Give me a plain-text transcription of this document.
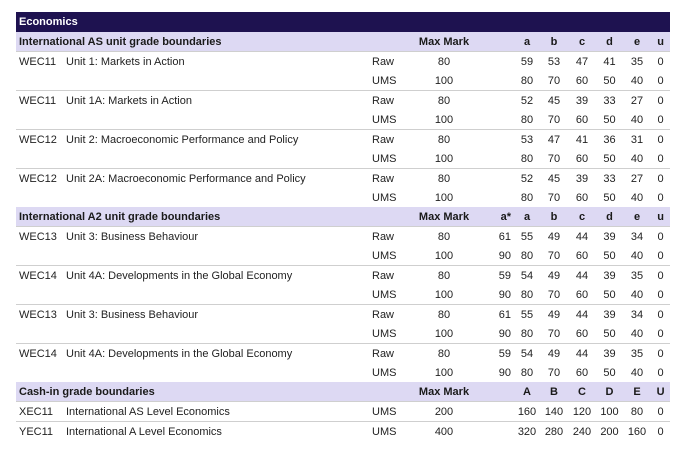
Economics										
International AS unit grade boundaries			Max Mark		a	b	c	d	e	u
WEC11	Unit 1: Markets in Action	Raw	80		59	53	47	41	35	0
		UMS	100		80	70	60	50	40	0
WEC11	Unit 1A: Markets in Action	Raw	80		52	45	39	33	27	0
		UMS	100		80	70	60	50	40	0
WEC12	Unit 2: Macroeconomic Performance and Policy	Raw	80		53	47	41	36	31	0
		UMS	100		80	70	60	50	40	0
WEC12	Unit 2A: Macroeconomic Performance and Policy	Raw	80		52	45	39	33	27	0
		UMS	100		80	70	60	50	40	0
International A2 unit grade boundaries			Max Mark	a*	a	b	c	d	e	u
WEC13	Unit 3: Business Behaviour	Raw	80	61	55	49	44	39	34	0
		UMS	100	90	80	70	60	50	40	0
WEC14	Unit 4A: Developments in the Global Economy	Raw	80	59	54	49	44	39	35	0
		UMS	100	90	80	70	60	50	40	0
WEC13	Unit 3: Business Behaviour	Raw	80	61	55	49	44	39	34	0
		UMS	100	90	80	70	60	50	40	0
WEC14	Unit 4A: Developments in the Global Economy	Raw	80	59	54	49	44	39	35	0
		UMS	100	90	80	70	60	50	40	0
Cash-in grade boundaries			Max Mark		A	B	C	D	E	U
XEC11	International AS Level Economics	UMS	200		160	140	120	100	80	0
YEC11	International A Level Economics	UMS	400		320	280	240	200	160	0
